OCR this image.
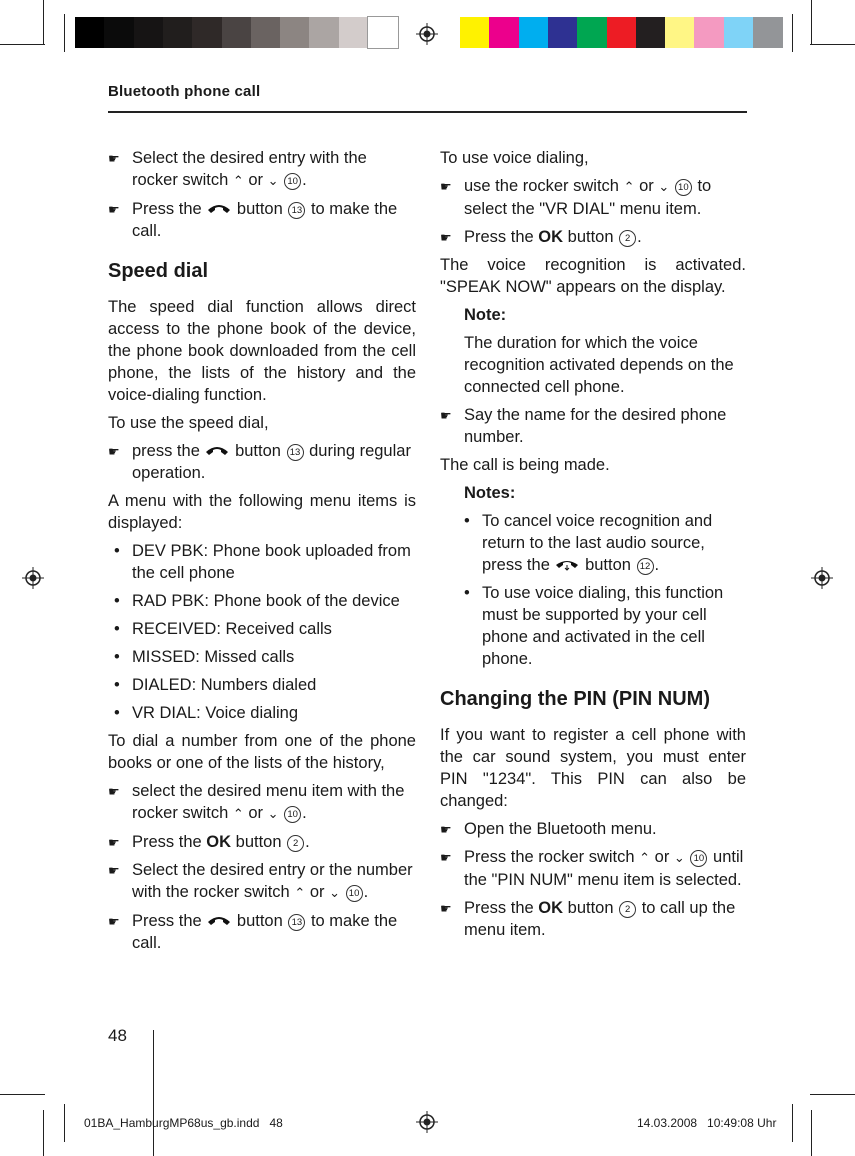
Bluetooth phone call
☛ Select the desired entry with the rocker switch ⌃ or ⌄ 10 .
☛ Press the button 13 to make the call.
Speed dial

The speed dial function allows direct access to the phone book of the device, the phone book downloaded from the cell phone, the lists of the history and the voice-dialing function.

To use the speed dial,

☛ press the button 13 during regular operation.

A menu with the following menu items is displayed:

• DEV PBK: Phone book uploaded from the cell phone
• RAD PBK: Phone book of the device
• RECEIVED: Received calls
• MISSED: Missed calls
• DIALED: Numbers dialed
• VR DIAL: Voice dialing

To dial a number from one of the phone books or one of the lists of the history,

☛ select the desired menu item with the rocker switch ⌃ or ⌄ 10 .
☛ Press the OK button 2 .
☛ Select the desired entry or the number with the rocker switch ⌃ or ⌄ 10 .
☛ Press the button 13 to make the call.

To use voice dialing,

☛ use the rocker switch ⌃ or ⌄ 10 to select the "VR DIAL" menu item.
☛ Press the OK button 2 .

The voice recognition is activated. "SPEAK NOW" appears on the display.

Note:

The duration for which the voice recognition activated depends on the connected cell phone.

☛ Say the name for the desired phone number.

The call is being made.

Notes:

• To cancel voice recognition and return to the last audio source, press the button 12 .
• To use voice dialing, this function must be supported by your cell phone and activated in the cell phone.
Changing the PIN (PIN NUM)

If you want to register a cell phone with the car sound system, you must enter PIN "1234". This PIN can also be changed:

☛ Open the Bluetooth menu.
☛ Press the rocker switch ⌃ or ⌄ 10 until the "PIN NUM" menu item is selected.
☛ Press the OK button 2 to call up the menu item.
48
01BA_HamburgMP68us_gb.indd   48	14.03.2008   10:49:08 Uhr
